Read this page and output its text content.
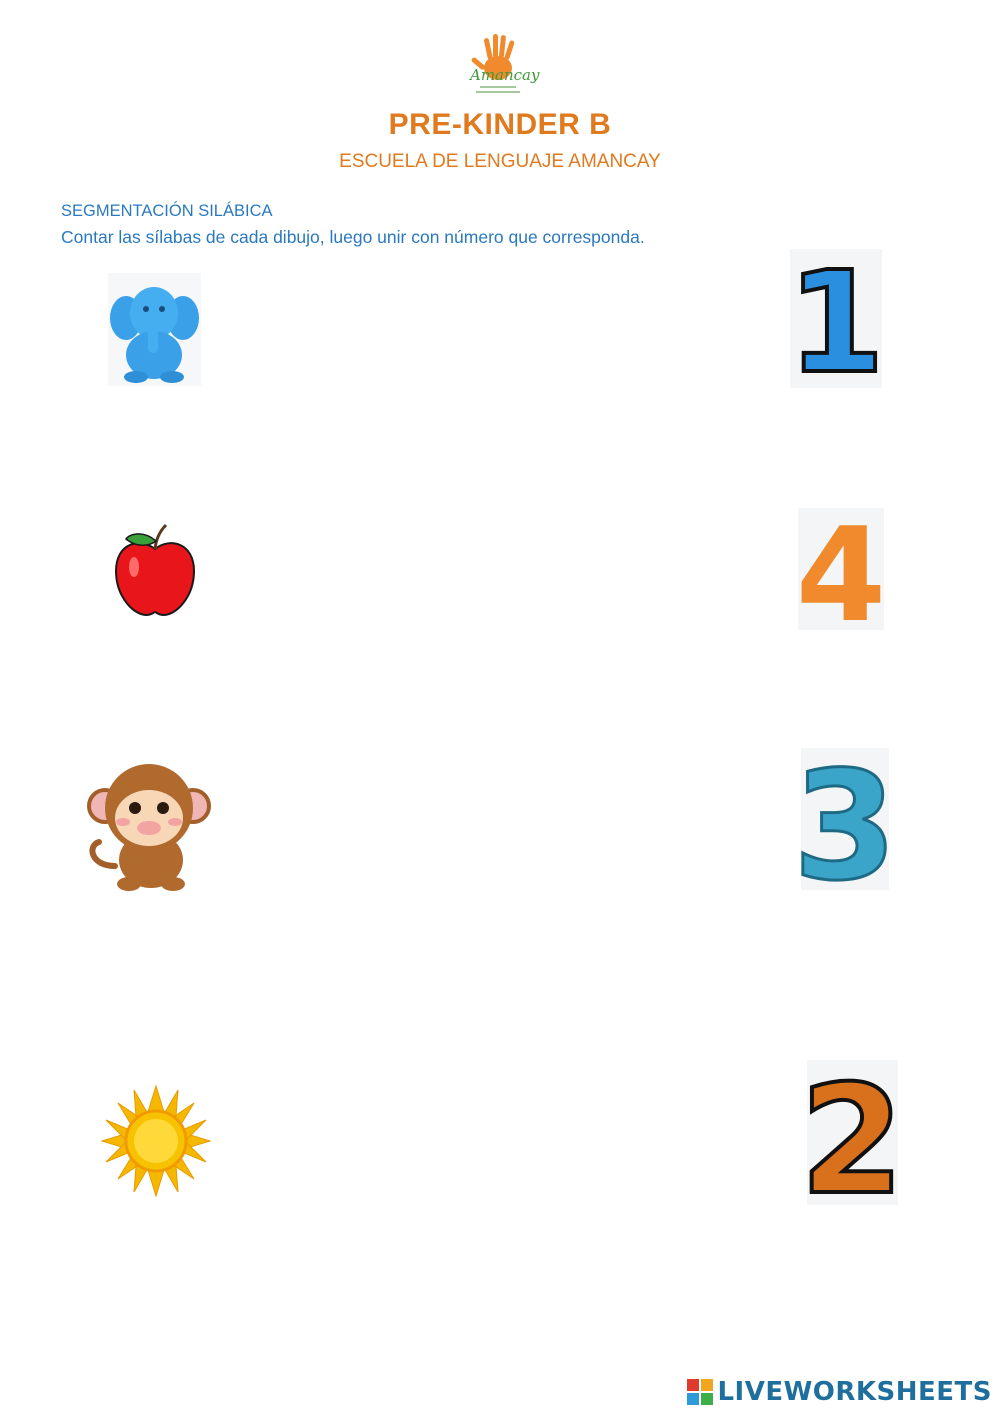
Amancay
PRE-KINDER B
ESCUELA DE LENGUAJE AMANCAY
SEGMENTACIÓN SILÁBICA
Contar las sílabas de cada dibujo, luego unir con número que corresponda.
1
4
3
2
LIVEWORKSHEETS
